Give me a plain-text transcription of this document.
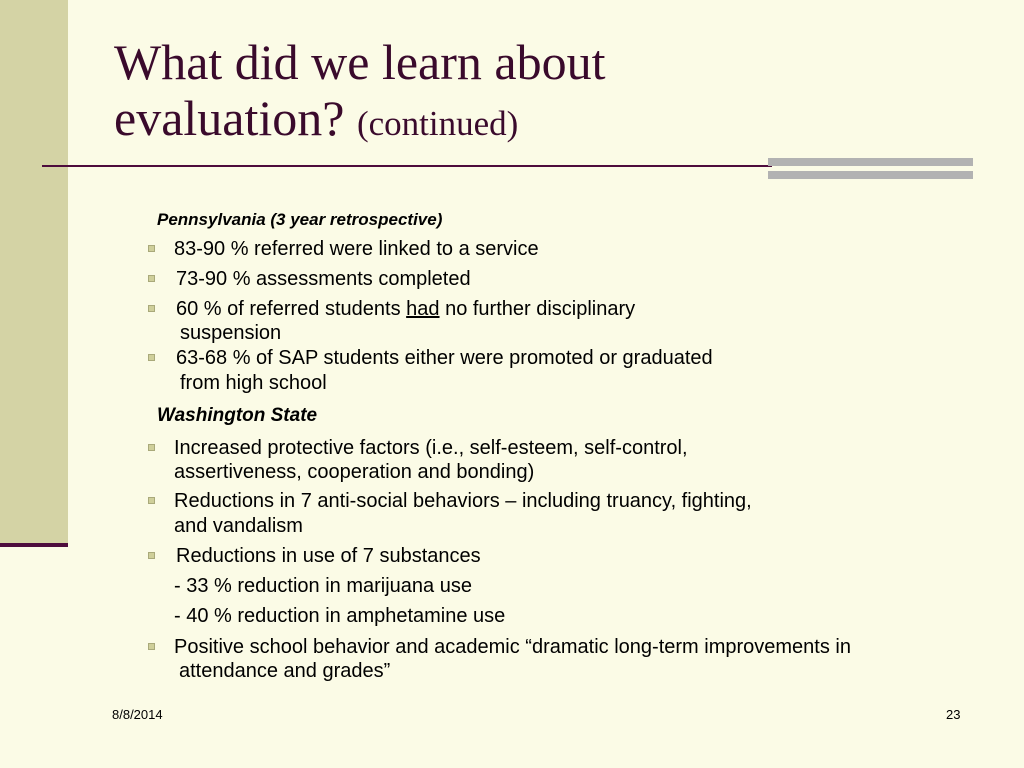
What did we learn about
evaluation? (continued)
Pennsylvania (3 year retrospective)
83-90 % referred were linked to a service
73-90 % assessments completed
60 % of referred students had no further disciplinary
suspension
63-68 % of SAP students either were promoted or graduated
from high school
Washington State
Increased protective factors (i.e., self-esteem, self-control,
assertiveness, cooperation and bonding)
Reductions in 7 anti-social behaviors – including truancy, fighting,
and vandalism
Reductions in use of 7 substances
- 33 % reduction in marijuana use
- 40 % reduction in amphetamine use
Positive school behavior and academic “dramatic long-term improvements in
attendance and grades”
8/8/2014	23
